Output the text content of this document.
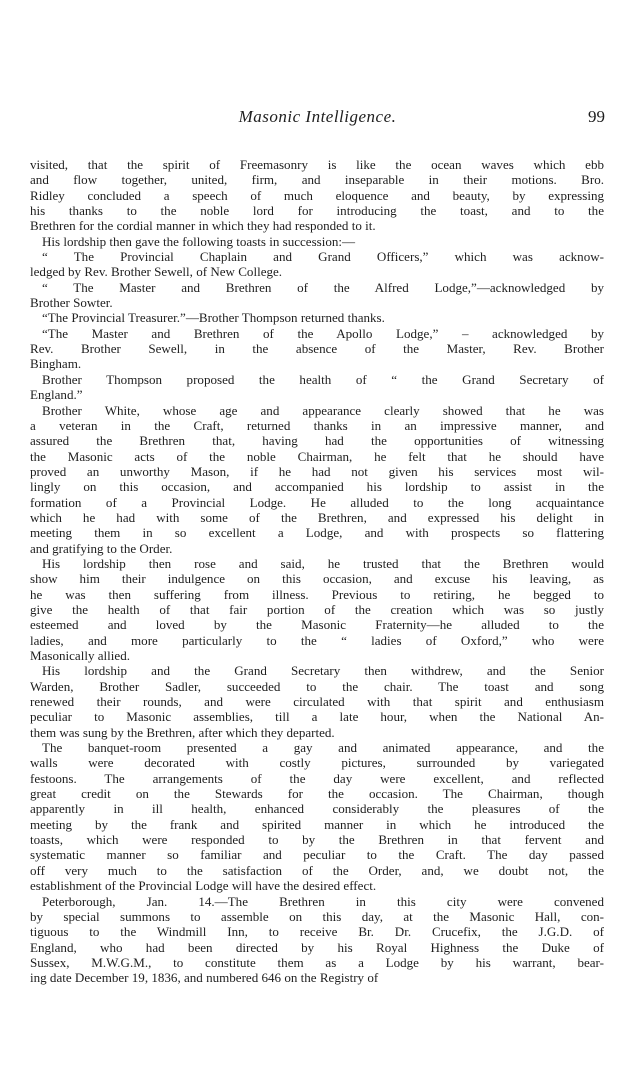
Masonic Intelligence.	99

visited, that the spirit of Freemasonry is like the ocean waves which ebb
and flow together, united, firm, and inseparable in their motions. Bro.
Ridley concluded a speech of much eloquence and beauty, by expressing
his thanks to the noble lord for introducing the toast, and to the
Brethren for the cordial manner in which they had responded to it.

His lordship then gave the following toasts in succession:—

“ The Provincial Chaplain and Grand Officers,” which was acknow-
ledged by Rev. Brother Sewell, of New College.

“ The Master and Brethren of the Alfred Lodge,”—acknowledged by
Brother Sowter.

“The Provincial Treasurer.”—Brother Thompson returned thanks.

“The Master and Brethren of the Apollo Lodge,” – acknowledged by
Rev. Brother Sewell, in the absence of the Master, Rev. Brother
Bingham.

Brother Thompson proposed the health of “ the Grand Secretary of
England.”

Brother White, whose age and appearance clearly showed that he was
a veteran in the Craft, returned thanks in an impressive manner, and
assured the Brethren that, having had the opportunities of witnessing
the Masonic acts of the noble Chairman, he felt that he should have
proved an unworthy Mason, if he had not given his services most wil-
lingly on this occasion, and accompanied his lordship to assist in the
formation of a Provincial Lodge. He alluded to the long acquaintance
which he had with some of the Brethren, and expressed his delight in
meeting them in so excellent a Lodge, and with prospects so flattering
and gratifying to the Order.

His lordship then rose and said, he trusted that the Brethren would
show him their indulgence on this occasion, and excuse his leaving, as
he was then suffering from illness. Previous to retiring, he begged to
give the health of that fair portion of the creation which was so justly
esteemed and loved by the Masonic Fraternity—he alluded to the
ladies, and more particularly to the “ ladies of Oxford,” who were
Masonically allied.

His lordship and the Grand Secretary then withdrew, and the Senior
Warden, Brother Sadler, succeeded to the chair. The toast and song
renewed their rounds, and were circulated with that spirit and enthusiasm
peculiar to Masonic assemblies, till a late hour, when the National An-
them was sung by the Brethren, after which they departed.

The banquet-room presented a gay and animated appearance, and the
walls were decorated with costly pictures, surrounded by variegated
festoons. The arrangements of the day were excellent, and reflected
great credit on the Stewards for the occasion. The Chairman, though
apparently in ill health, enhanced considerably the pleasures of the
meeting by the frank and spirited manner in which he introduced the
toasts, which were responded to by the Brethren in that fervent and
systematic manner so familiar and peculiar to the Craft. The day passed
off very much to the satisfaction of the Order, and, we doubt not, the
establishment of the Provincial Lodge will have the desired effect.

Peterborough, Jan. 14.—The Brethren in this city were convened
by special summons to assemble on this day, at the Masonic Hall, con-
tiguous to the Windmill Inn, to receive Br. Dr. Crucefix, the J.G.D. of
England, who had been directed by his Royal Highness the Duke of
Sussex, M.W.G.M., to constitute them as a Lodge by his warrant, bear-
ing date December 19, 1836, and numbered 646 on the Registry of
